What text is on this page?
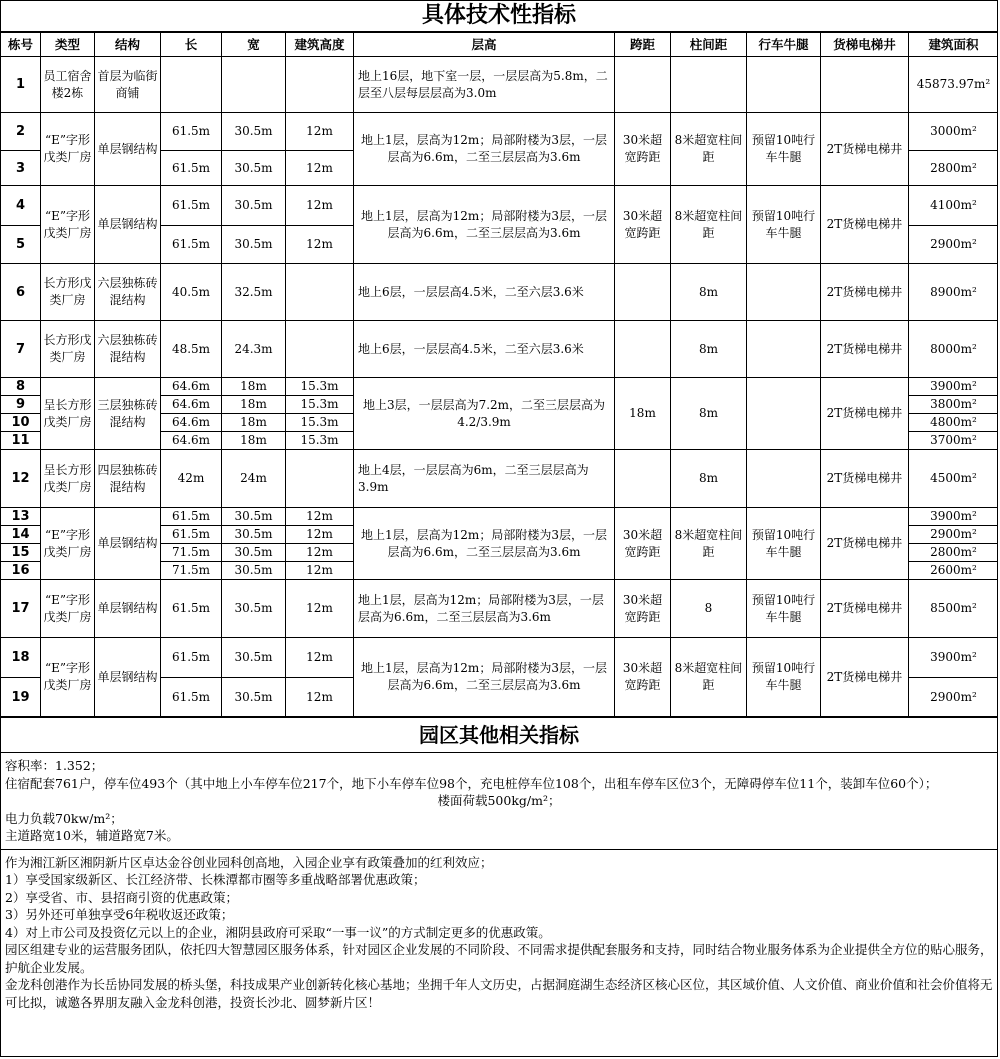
具体技术性指标
栋号	类型	结构	长	宽	建筑高度	层高	跨距	柱间距	行车牛腿	货梯电梯井	建筑面积
1	员工宿舍楼2栋	首层为临街商铺				地上16层，地下室一层，一层层高为5.8m，二层至八层每层层高为3.0m					45873.97m²
2	“E”字形戊类厂房	单层钢结构	61.5m	30.5m	12m	地上1层，层高为12m；局部附楼为3层，一层层高为6.6m，二至三层层高为3.6m	30米超宽跨距	8米超宽柱间距	预留10吨行车牛腿	2T货梯电梯井	3000m²
3			61.5m	30.5m	12m						2800m²
4	“E”字形戊类厂房	单层钢结构	61.5m	30.5m	12m	地上1层，层高为12m；局部附楼为3层，一层层高为6.6m，二至三层层高为3.6m	30米超宽跨距	8米超宽柱间距	预留10吨行车牛腿	2T货梯电梯井	4100m²
5			61.5m	30.5m	12m						2900m²
6	长方形戊类厂房	六层独栋砖混结构	40.5m	32.5m		地上6层，一层层高4.5米，二至六层3.6米		8m		2T货梯电梯井	8900m²
7	长方形戊类厂房	六层独栋砖混结构	48.5m	24.3m		地上6层，一层层高4.5米，二至六层3.6米		8m		2T货梯电梯井	8000m²
8	呈长方形戊类厂房	三层独栋砖混结构	64.6m	18m	15.3m	地上3层，一层层高为7.2m，二至三层层高为4.2/3.9m	18m	8m		2T货梯电梯井	3900m²
9			64.6m	18m	15.3m						3800m²
10			64.6m	18m	15.3m						4800m²
11			64.6m	18m	15.3m						3700m²
12	呈长方形戊类厂房	四层独栋砖混结构	42m	24m		地上4层，一层层高为6m，二至三层层高为3.9m		8m		2T货梯电梯井	4500m²
13	“E”字形戊类厂房	单层钢结构	61.5m	30.5m	12m	地上1层，层高为12m；局部附楼为3层，一层层高为6.6m，二至三层层高为3.6m	30米超宽跨距	8米超宽柱间距	预留10吨行车牛腿	2T货梯电梯井	3900m²
14			61.5m	30.5m	12m						2900m²
15			71.5m	30.5m	12m						2800m²
16			71.5m	30.5m	12m						2600m²
17	“E”字形戊类厂房	单层钢结构	61.5m	30.5m	12m	地上1层，层高为12m；局部附楼为3层，一层层高为6.6m，二至三层层高为3.6m	30米超宽跨距	8	预留10吨行车牛腿	2T货梯电梯井	8500m²
18	“E”字形戊类厂房	单层钢结构	61.5m	30.5m	12m	地上1层，层高为12m；局部附楼为3层，一层层高为6.6m，二至三层层高为3.6m	30米超宽跨距	8米超宽柱间距	预留10吨行车牛腿	2T货梯电梯井	3900m²
19			61.5m	30.5m	12m						2900m²
园区其他相关指标

容积率：1.352；

住宿配套761户，停车位493个（其中地上小车停车位217个，地下小车停车位98个，充电桩停车位108个，出租车停车区位3个，无障碍停车位11个，装卸车位60个）；

楼面荷载500kg/m²；

电力负载70kw/m²；

主道路宽10米，辅道路宽7米。

作为湘江新区湘阴新片区卓达金谷创业园科创高地，入园企业享有政策叠加的红利效应；

1）享受国家级新区、长江经济带、长株潭都市圈等多重战略部署优惠政策；

2）享受省、市、县招商引资的优惠政策；

3）另外还可单独享受6年税收返还政策；

4）对上市公司及投资亿元以上的企业，湘阴县政府可采取“一事一议”的方式制定更多的优惠政策。

园区组建专业的运营服务团队，依托四大智慧园区服务体系，针对园区企业发展的不同阶段、不同需求提供配套服务和支持，同时结合物业服务体系为企业提供全方位的贴心服务，护航企业发展。

金龙科创港作为长岳协同发展的桥头堡，科技成果产业创新转化核心基地；坐拥千年人文历史，占据洞庭湖生态经济区核心区位，其区域价值、人文价值、商业价值和社会价值将无可比拟，诚邀各界朋友融入金龙科创港，投资长沙北、圆梦新片区！
